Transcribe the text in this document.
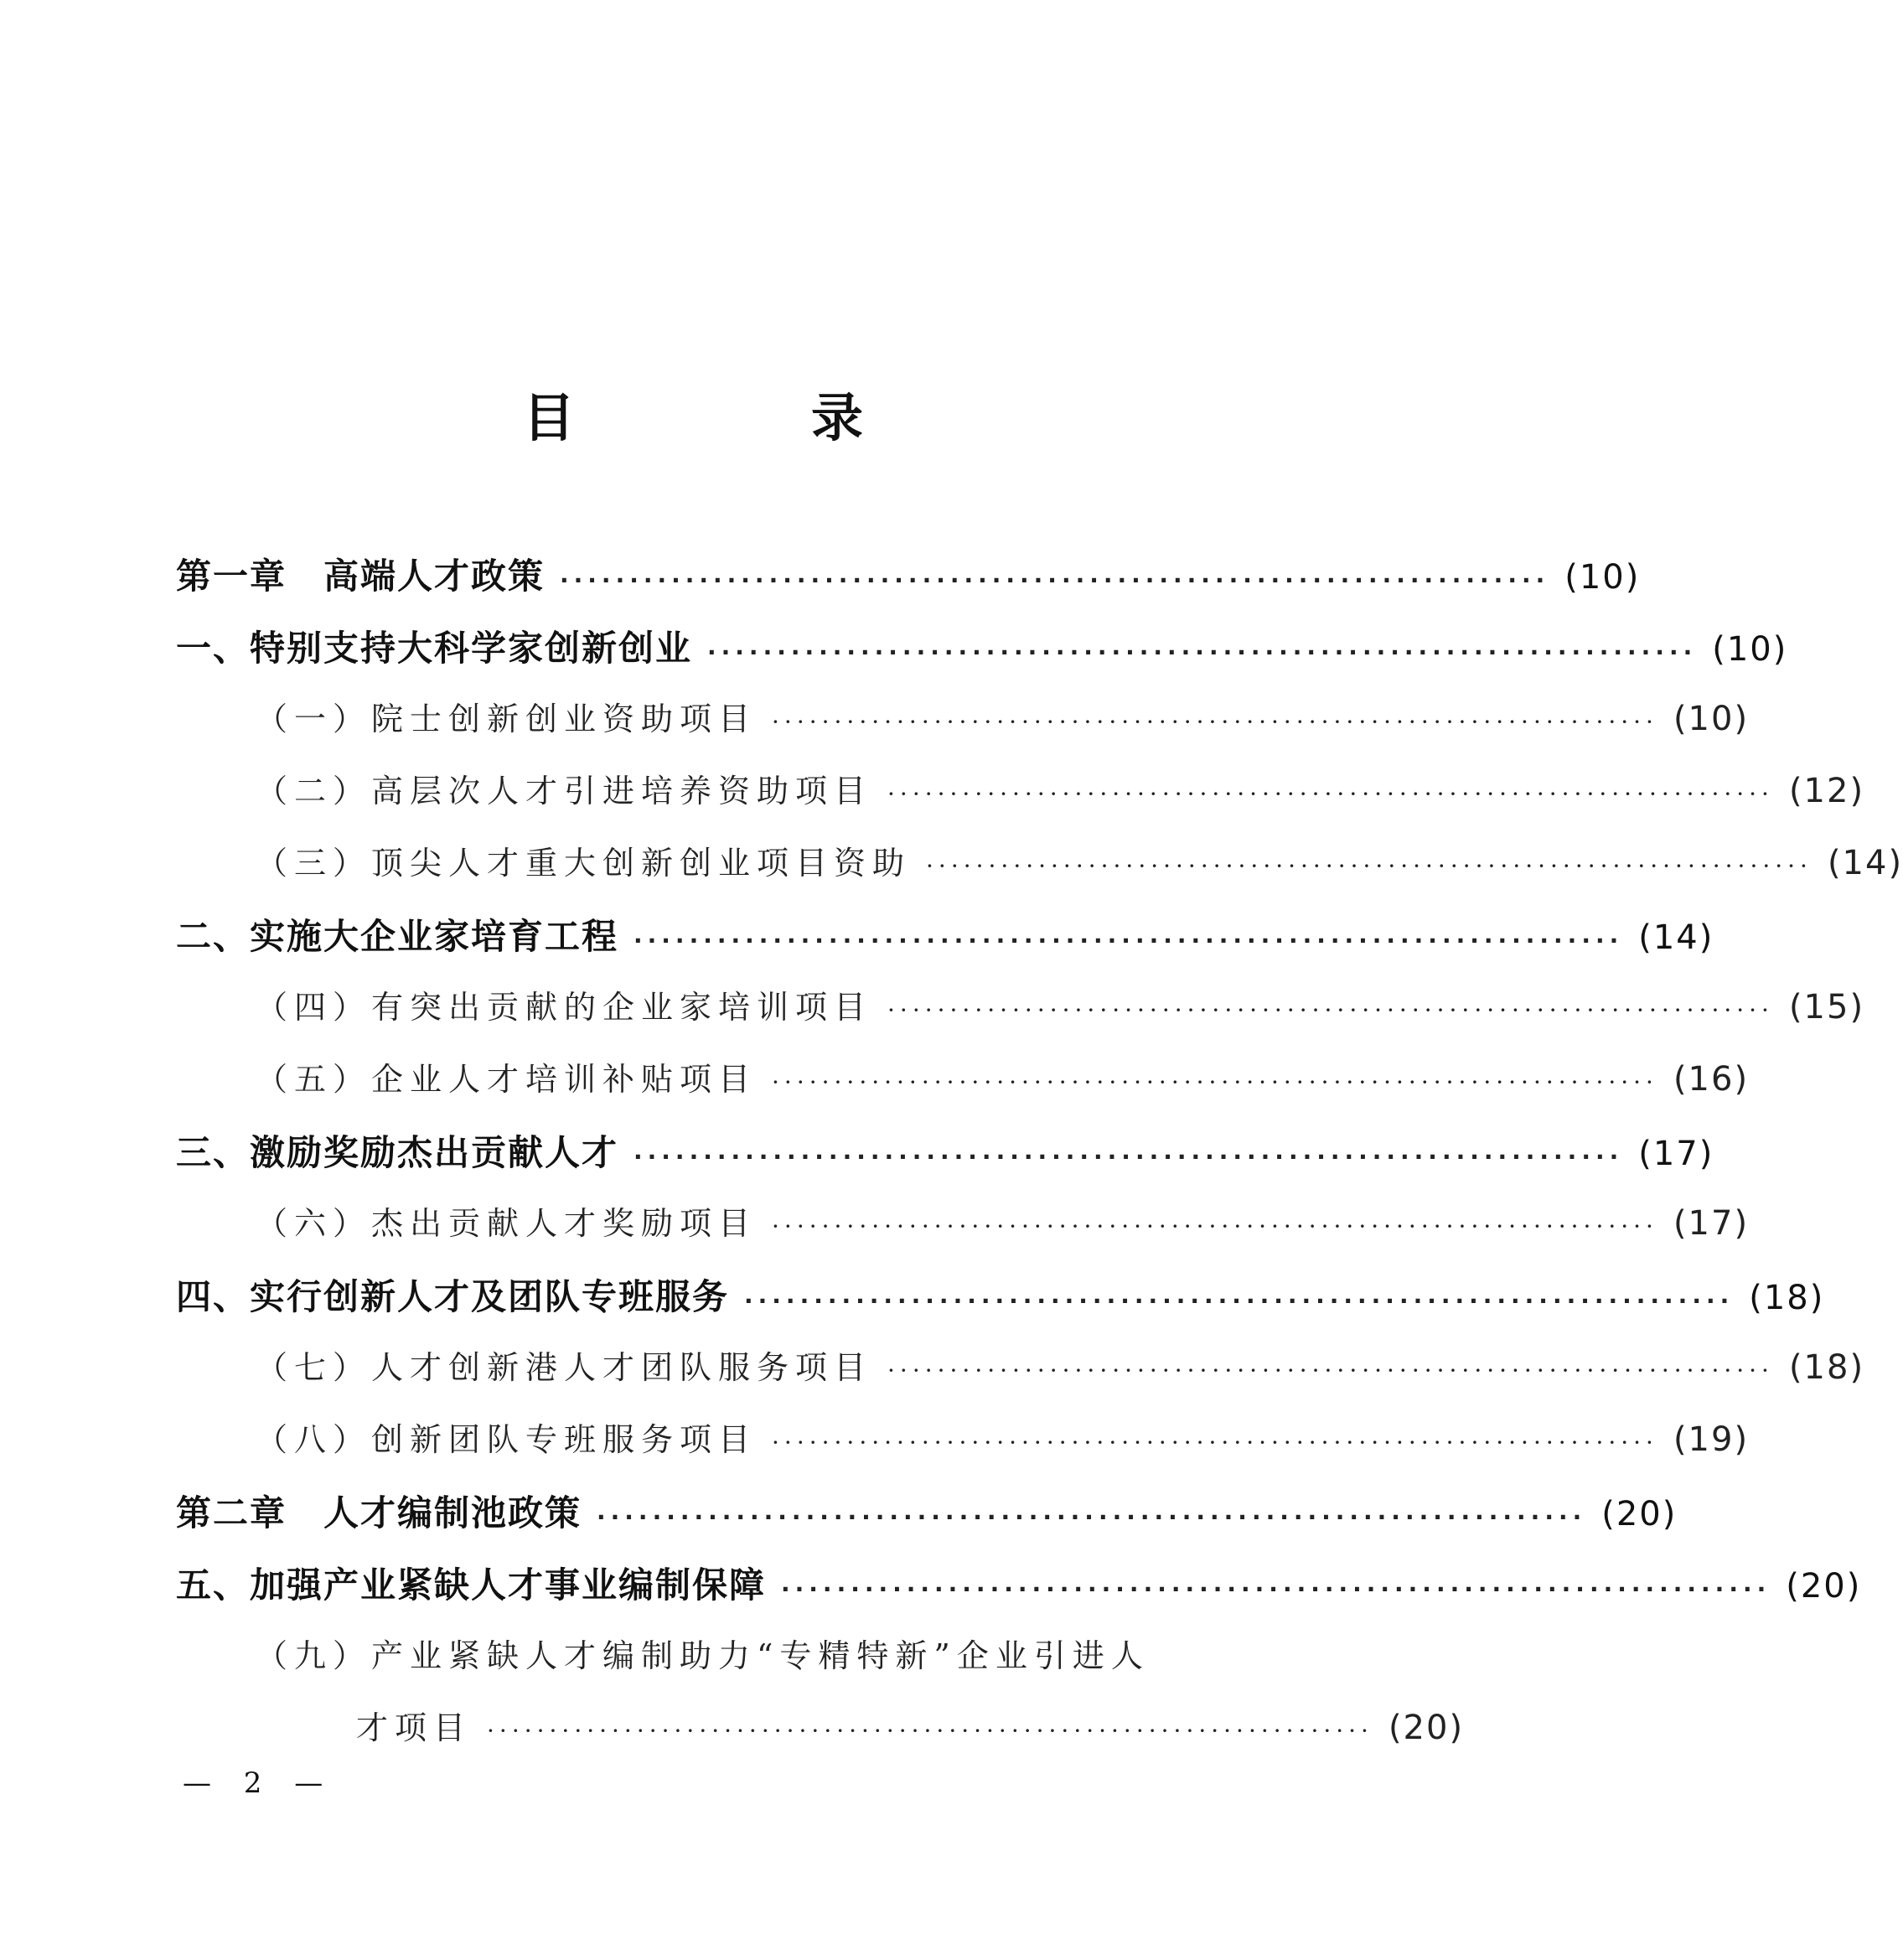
目　录
第一章　高端人才政策 ······································································· (10)
一、特别支持大科学家创新创业 ······································································· (10)
（一）院士创新创业资助项目 ······································································· (10)
（二）高层次人才引进培养资助项目 ······································································· (12)
（三）顶尖人才重大创新创业项目资助 ······································································· (14)
二、实施大企业家培育工程 ······································································· (14)
（四）有突出贡献的企业家培训项目 ······································································· (15)
（五）企业人才培训补贴项目 ······································································· (16)
三、激励奖励杰出贡献人才 ······································································· (17)
（六）杰出贡献人才奖励项目 ······································································· (17)
四、实行创新人才及团队专班服务 ······································································· (18)
（七）人才创新港人才团队服务项目 ······································································· (18)
（八）创新团队专班服务项目 ······································································· (19)
第二章　人才编制池政策 ······································································· (20)
五、加强产业紧缺人才事业编制保障 ······································································· (20)
（九）产业紧缺人才编制助力“专精特新”企业引进人
才项目 ······································································· (20)
— 2 —
